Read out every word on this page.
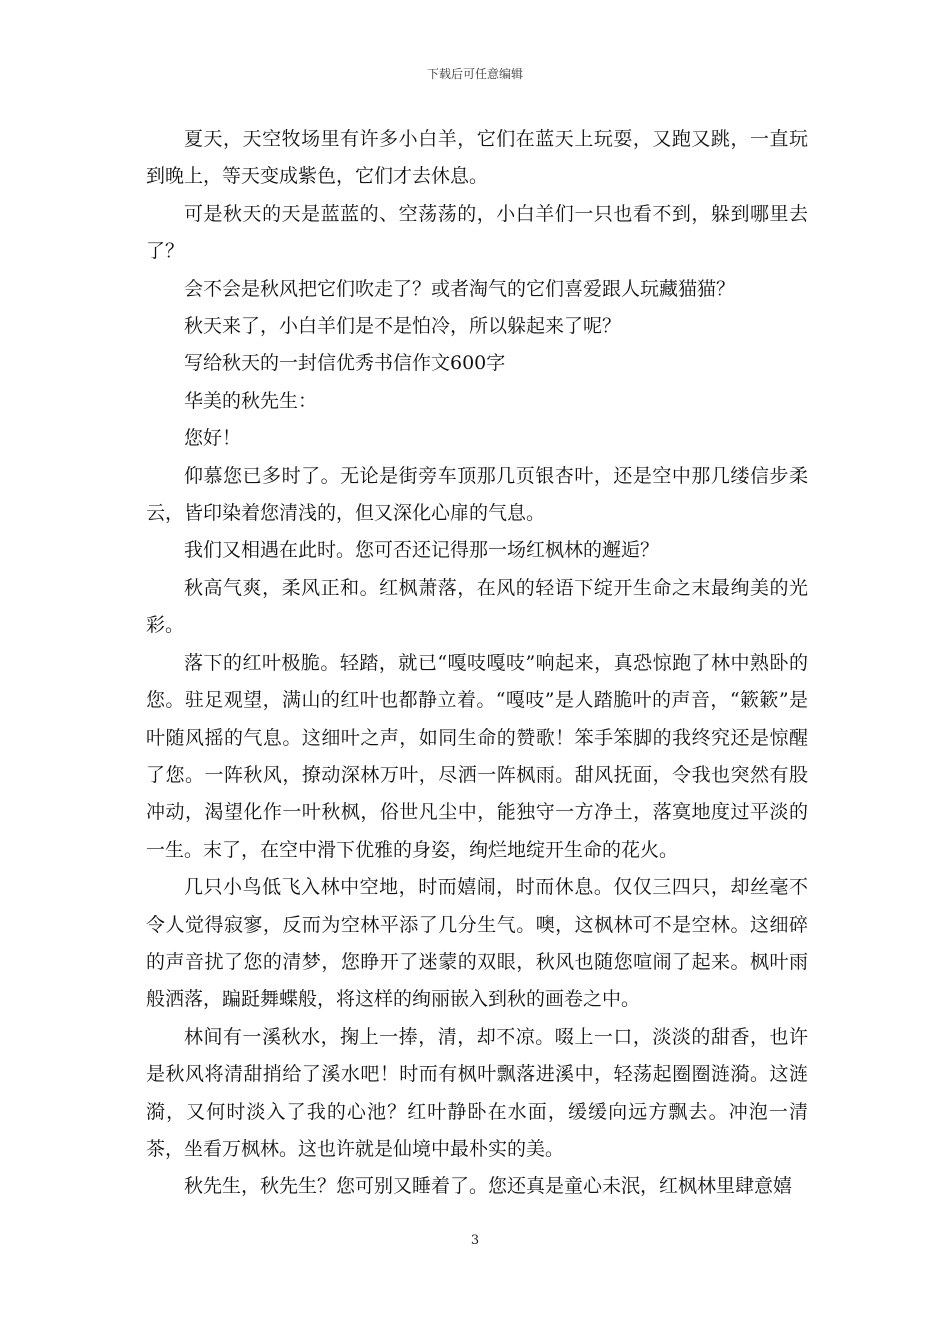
下载后可任意编辑

夏天，天空牧场里有许多小白羊，它们在蓝天上玩耍，又跑又跳，一直玩到晚上，等天变成紫色，它们才去休息。

可是秋天的天是蓝蓝的、空荡荡的，小白羊们一只也看不到，躲到哪里去了？

会不会是秋风把它们吹走了？或者淘气的它们喜爱跟人玩藏猫猫？

秋天来了，小白羊们是不是怕冷，所以躲起来了呢？

写给秋天的一封信优秀书信作文600字

华美的秋先生：

您好！

仰慕您已多时了。无论是街旁车顶那几页银杏叶，还是空中那几缕信步柔云，皆印染着您清浅的，但又深化心扉的气息。

我们又相遇在此时。您可否还记得那一场红枫林的邂逅？

秋高气爽，柔风正和。红枫萧落，在风的轻语下绽开生命之末最绚美的光彩。

落下的红叶极脆。轻踏，就已“嘎吱嘎吱”响起来，真恐惊跑了林中熟卧的您。驻足观望，满山的红叶也都静立着。“嘎吱”是人踏脆叶的声音，“簌簌”是叶随风摇的气息。这细叶之声，如同生命的赞歌！笨手笨脚的我终究还是惊醒了您。一阵秋风，撩动深林万叶，尽洒一阵枫雨。甜风抚面，令我也突然有股冲动，渴望化作一叶秋枫，俗世凡尘中，能独守一方净土，落寞地度过平淡的一生。末了，在空中滑下优雅的身姿，绚烂地绽开生命的花火。

几只小鸟低飞入林中空地，时而嬉闹，时而休息。仅仅三四只，却丝毫不令人觉得寂寥，反而为空林平添了几分生气。噢，这枫林可不是空林。这细碎的声音扰了您的清梦，您睁开了迷蒙的双眼，秋风也随您喧闹了起来。枫叶雨般洒落，蹁跹舞蝶般，将这样的绚丽嵌入到秋的画卷之中。

林间有一溪秋水，掬上一捧，清，却不凉。啜上一口，淡淡的甜香，也许是秋风将清甜捎给了溪水吧！时而有枫叶飘落进溪中，轻荡起圈圈涟漪。这涟漪，又何时淡入了我的心池？红叶静卧在水面，缓缓向远方飘去。冲泡一清茶，坐看万枫林。这也许就是仙境中最朴实的美。

秋先生，秋先生？您可别又睡着了。您还真是童心未泯，红枫林里肆意嬉

3
